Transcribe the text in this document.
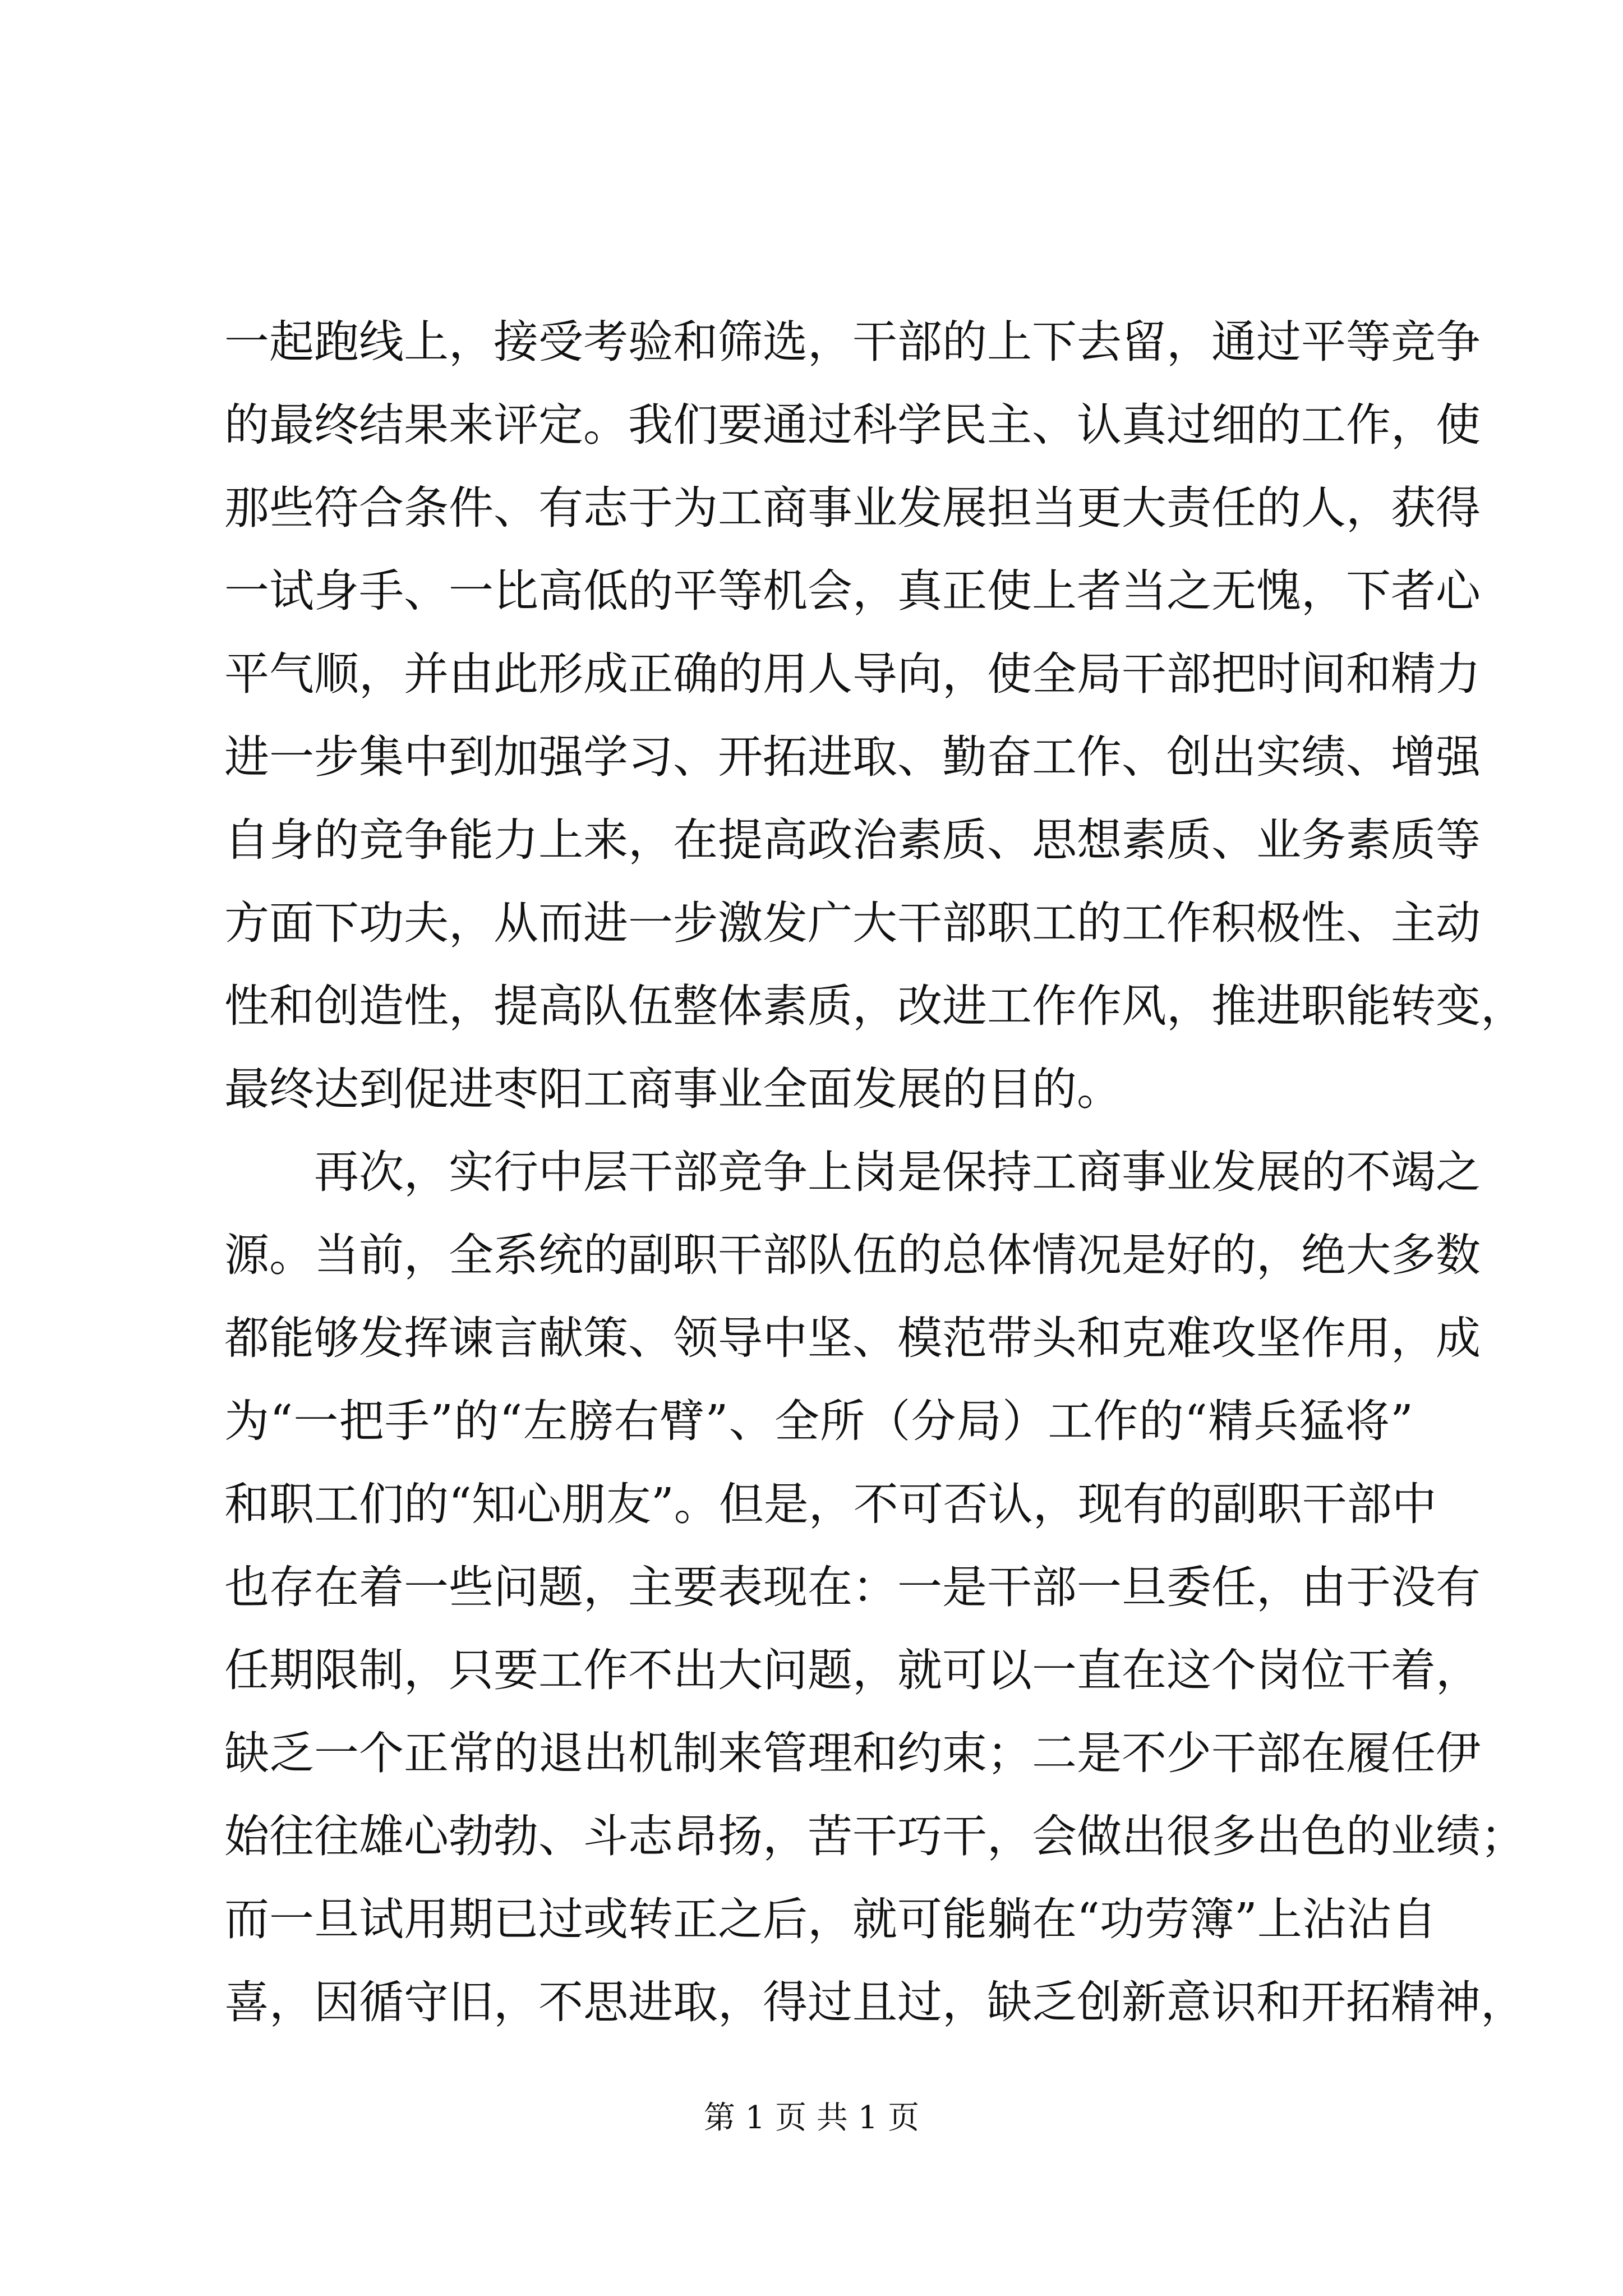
一起跑线上，接受考验和筛选，干部的上下去留，通过平等竞争
的最终结果来评定。我们要通过科学民主、认真过细的工作，使
那些符合条件、有志于为工商事业发展担当更大责任的人，获得
一试身手、一比高低的平等机会，真正使上者当之无愧，下者心
平气顺，并由此形成正确的用人导向，使全局干部把时间和精力
进一步集中到加强学习、开拓进取、勤奋工作、创出实绩、增强
自身的竞争能力上来，在提高政治素质、思想素质、业务素质等
方面下功夫，从而进一步激发广大干部职工的工作积极性、主动
性和创造性，提高队伍整体素质，改进工作作风，推进职能转变，
最终达到促进枣阳工商事业全面发展的目的。
　　再次，实行中层干部竞争上岗是保持工商事业发展的不竭之
源。当前，全系统的副职干部队伍的总体情况是好的，绝大多数
都能够发挥谏言献策、领导中坚、模范带头和克难攻坚作用，成
为“一把手”的“左膀右臂”、全所（分局）工作的“精兵猛将”
和职工们的“知心朋友”。但是，不可否认，现有的副职干部中
也存在着一些问题，主要表现在：一是干部一旦委任，由于没有
任期限制，只要工作不出大问题，就可以一直在这个岗位干着，
缺乏一个正常的退出机制来管理和约束；二是不少干部在履任伊
始往往雄心勃勃、斗志昂扬，苦干巧干，会做出很多出色的业绩；
而一旦试用期已过或转正之后，就可能躺在“功劳簿”上沾沾自
喜，因循守旧，不思进取，得过且过，缺乏创新意识和开拓精神，
第 1 页 共 1 页
